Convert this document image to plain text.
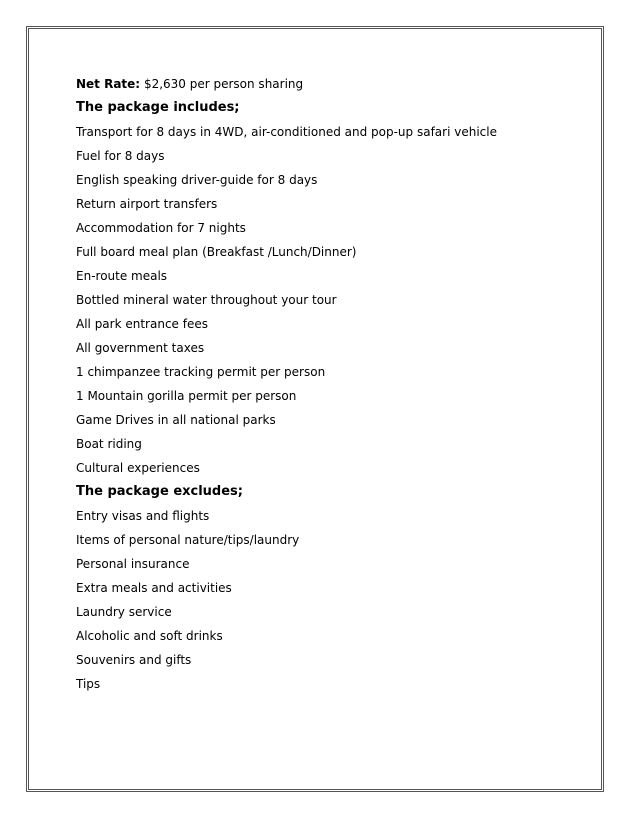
Net Rate: $2,630 per person sharing
The package includes;
Transport for 8 days in 4WD, air-conditioned and pop-up safari vehicle
Fuel for 8 days
English speaking driver-guide for 8 days
Return airport transfers
Accommodation for 7 nights
Full board meal plan (Breakfast /Lunch/Dinner)
En-route meals
Bottled mineral water throughout your tour
All park entrance fees
All government taxes
1 chimpanzee tracking permit per person
1 Mountain gorilla permit per person
Game Drives in all national parks
Boat riding
Cultural experiences
The package excludes;
Entry visas and flights
Items of personal nature/tips/laundry
Personal insurance
Extra meals and activities
Laundry service
Alcoholic and soft drinks
Souvenirs and gifts
Tips
